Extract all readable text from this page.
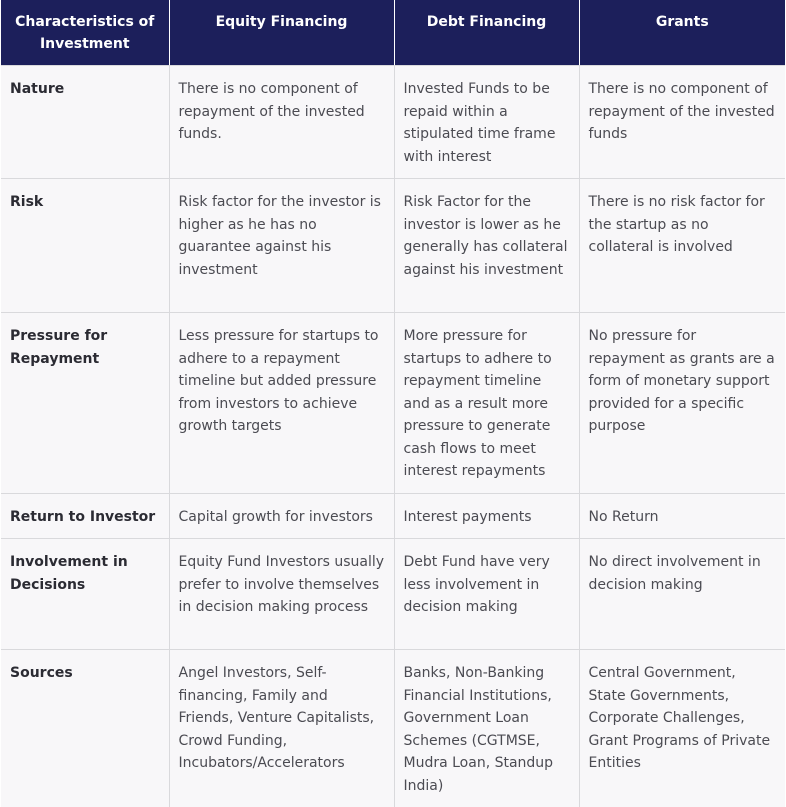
Characteristics of Investment	Equity Financing	Debt Financing	Grants
Nature	There is no component of repayment of the invested funds.	Invested Funds to be repaid within a stipulated time frame with interest	There is no component of repayment of the invested funds
Risk	Risk factor for the investor is higher as he has no guarantee against his investment	Risk Factor for the investor is lower as he generally has collateral against his investment	There is no risk factor for the startup as no collateral is involved
Pressure for Repayment	Less pressure for startups to adhere to a repayment timeline but added pressure from investors to achieve growth targets	More pressure for startups to adhere to repayment timeline and as a result more pressure to generate cash flows to meet interest repayments	No pressure for repayment as grants are a form of monetary support provided for a specific purpose
Return to Investor	Capital growth for investors	Interest payments	No Return
Involvement in Decisions	Equity Fund Investors usually prefer to involve themselves in decision making process	Debt Fund have very less involvement in decision making	No direct involvement in decision making
Sources	Angel Investors, Self-financing, Family and Friends, Venture Capitalists, Crowd Funding, Incubators/Accelerators	Banks, Non-Banking Financial Institutions, Government Loan Schemes (CGTMSE, Mudra Loan, Standup India)	Central Government, State Governments, Corporate Challenges, Grant Programs of Private Entities
